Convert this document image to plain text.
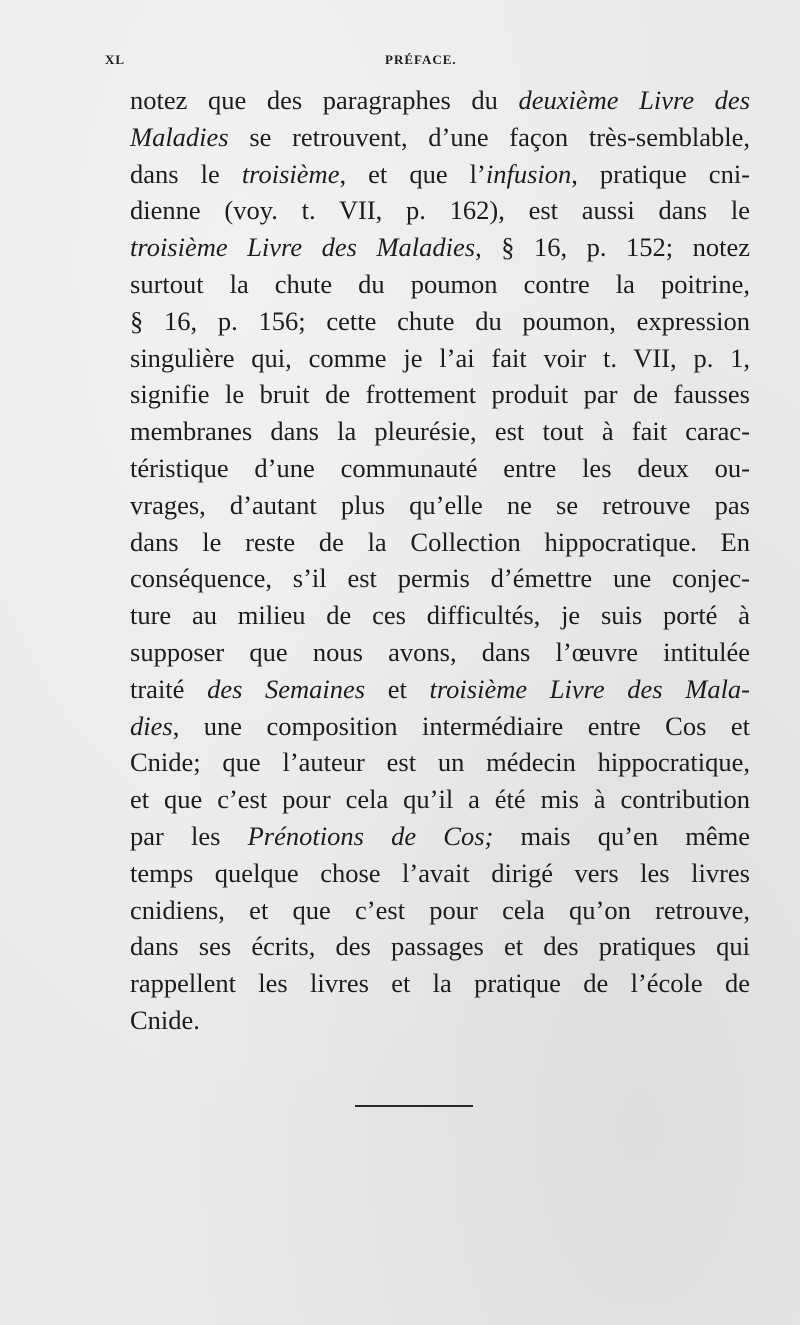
XL	PRÉFACE.
notez que des paragraphes du deuxième Livre des
Maladies se retrouvent, d’une façon très-semblable,
dans le troisième, et que l’infusion, pratique cni-
dienne (voy. t. VII, p. 162), est aussi dans le
troisième Livre des Maladies, § 16, p. 152; notez
surtout la chute du poumon contre la poitrine,
§ 16, p. 156; cette chute du poumon, expression
singulière qui, comme je l’ai fait voir t. VII, p. 1,
signifie le bruit de frottement produit par de fausses
membranes dans la pleurésie, est tout à fait carac-
téristique d’une communauté entre les deux ou-
vrages, d’autant plus qu’elle ne se retrouve pas
dans le reste de la Collection hippocratique. En
conséquence, s’il est permis d’émettre une conjec-
ture au milieu de ces difficultés, je suis porté à
supposer que nous avons, dans l’œuvre intitulée
traité des Semaines et troisième Livre des Mala-
dies, une composition intermédiaire entre Cos et
Cnide; que l’auteur est un médecin hippocratique,
et que c’est pour cela qu’il a été mis à contribution
par les Prénotions de Cos; mais qu’en même
temps quelque chose l’avait dirigé vers les livres
cnidiens, et que c’est pour cela qu’on retrouve,
dans ses écrits, des passages et des pratiques qui
rappellent les livres et la pratique de l’école de
Cnide.
